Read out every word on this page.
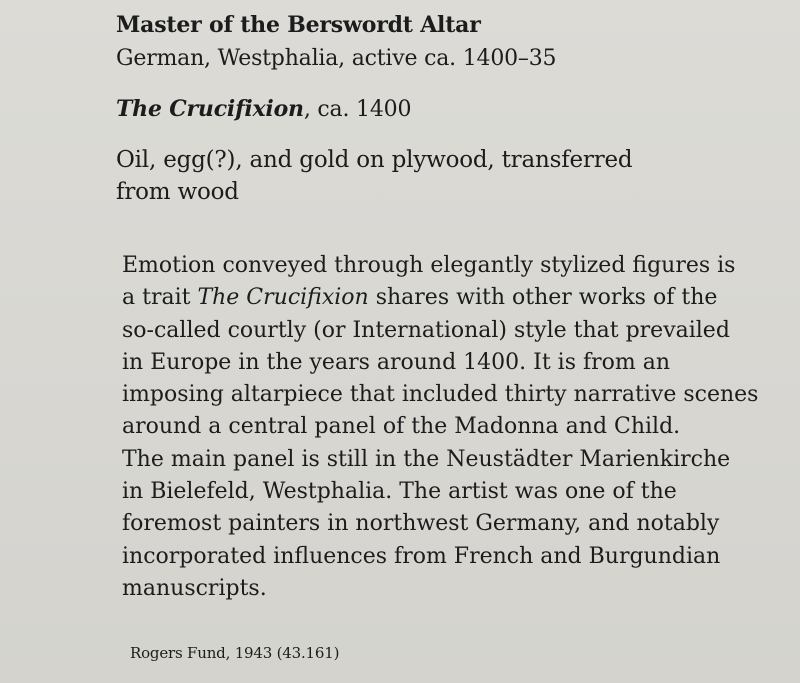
Master of the Berswordt Altar

German, Westphalia, active ca. 1400–35

The Crucifixion, ca. 1400

Oil, egg(?), and gold on plywood, transferred
from wood

Emotion conveyed through elegantly stylized figures is
a trait The Crucifixion shares with other works of the
so-called courtly (or International) style that prevailed
in Europe in the years around 1400. It is from an
imposing altarpiece that included thirty narrative scenes
around a central panel of the Madonna and Child.
The main panel is still in the Neustädter Marienkirche
in Bielefeld, Westphalia. The artist was one of the
foremost painters in northwest Germany, and notably
incorporated influences from French and Burgundian
manuscripts.

Rogers Fund, 1943 (43.161)
